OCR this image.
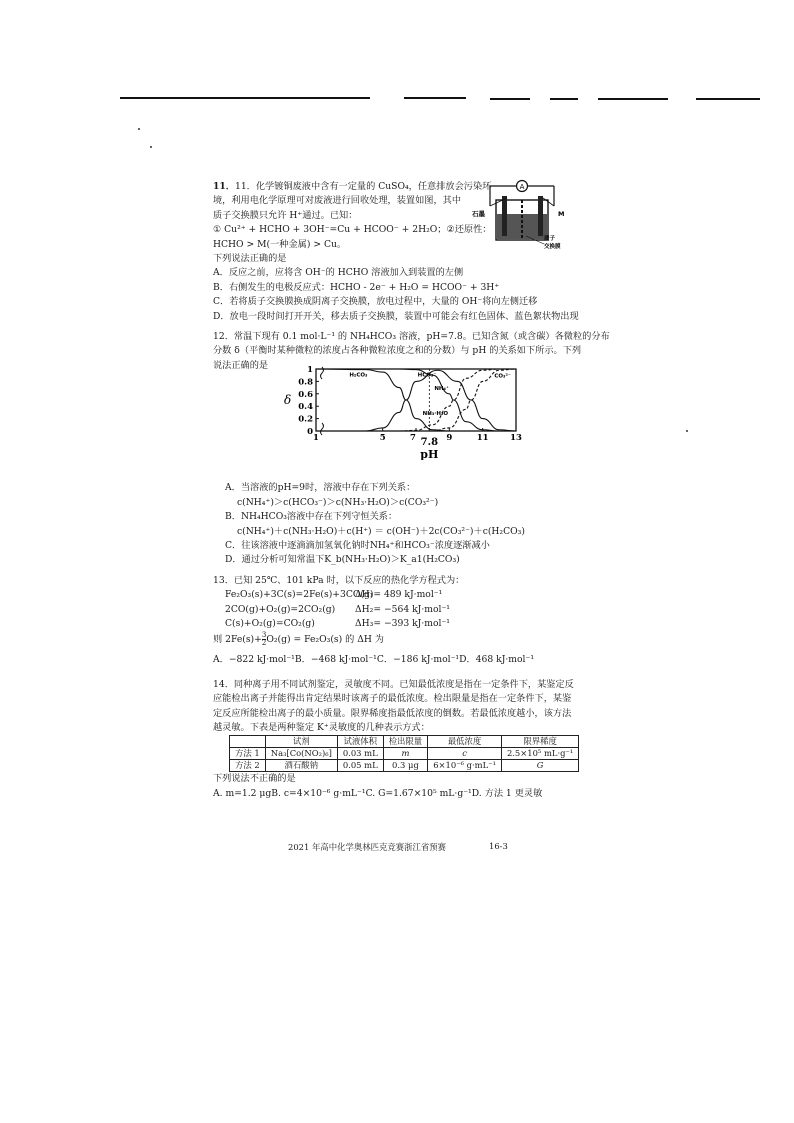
A
石墨	M
质子
交换膜

11．11．化学镀铜废液中含有一定量的 CuSO₄，任意排放会污染环

境，利用电化学原理可对废液进行回收处理，装置如图，其中

质子交换膜只允许 H⁺通过。已知：

① Cu²⁺ + HCHO + 3OH⁻=Cu + HCOO⁻ + 2H₂O；②还原性：

HCHO > M(一种金属) > Cu。

下列说法正确的是

A．反应之前，应将含 OH⁻的 HCHO 溶液加入到装置的左侧

B．右侧发生的电极反应式：HCHO - 2e⁻ + H₂O = HCOO⁻ + 3H⁺

C．若将质子交换膜换成阴离子交换膜，放电过程中，大量的 OH⁻将向左侧迁移

D．放电一段时间打开开关，移去质子交换膜，装置中可能会有红色固体、蓝色絮状物出现

12．常温下现有 0.1 mol·L⁻¹ 的 NH₄HCO₃ 溶液，pH=7.8。已知含氮（或含碳）各微粒的分布

分数 δ（平衡时某种微粒的浓度占各种微粒浓度之和的分数）与 pH 的关系如下所示。下列

说法正确的是

A．当溶液的pH=9时，溶液中存在下列关系：

c(NH₄⁺)＞c(HCO₃⁻)＞c(NH₃·H₂O)＞c(CO₃²⁻)

B．NH₄HCO₃溶液中存在下列守恒关系：

c(NH₄⁺)＋c(NH₃·H₂O)＋c(H⁺) ＝ c(OH⁻)＋2c(CO₃²⁻)＋c(H₂CO₃)

C．往该溶液中逐滴滴加氢氧化钠时NH₄⁺和HCO₃⁻浓度逐渐减小

D．通过分析可知常温下K_b(NH₃·H₂O)＞K_a1(H₂CO₃)

13．已知 25℃、101 kPa 时，以下反应的热化学方程式为：

Fe₂O₃(s)+3C(s)=2Fe(s)+3CO(g)ΔH₁= 489 kJ·mol⁻¹

2CO(g)+O₂(g)=2CO₂(g) ΔH₂= −564 kJ·mol⁻¹

C(s)+O₂(g)=CO₂(g)	ΔH₃= −393 kJ·mol⁻¹

则 $2Fe(s)+ \frac{3}{2} O_2(g) = Fe_2O_3(s)$ 的 ΔH 为

A．−822 kJ·mol⁻¹B．−468 kJ·mol⁻¹C．−186 kJ·mol⁻¹D．468 kJ·mol⁻¹

14．同种离子用不同试剂鉴定，灵敏度不同。已知最低浓度是指在一定条件下，某鉴定反

应能检出离子并能得出肯定结果时该离子的最低浓度。检出限量是指在一定条件下，某鉴

定反应所能检出离子的最小质量。限界稀度指最低浓度的倒数。若最低浓度越小，该方法

越灵敏。下表是两种鉴定 K⁺灵敏度的几种表示方式：

	试剂	试液体积	检出限量	最低浓度	限界稀度
方法 1	Na₃[Co(NO₂)₆]	0.03 mL	m	c	2.5×10⁵ mL·g⁻¹
方法 2	酒石酸钠	0.05 mL	0.3 μg	6×10⁻⁶ g·mL⁻¹	G

下列说法不正确的是

A. m=1.2 μgB. c=4×10⁻⁶ g·mL⁻¹C. G=1.67×10⁵ mL·g⁻¹D. 方法 1 更灵敏

0
0.2
0.4
0.6
0.8
1
1	5	7 7.8 9	11	13
pH
δ
H₂CO₃	HCO₃⁻
NH₄⁺
NH₃·H₂O
CO₃²⁻
2021 年高中化学奥林匹克竞赛浙江省预赛	16-3
